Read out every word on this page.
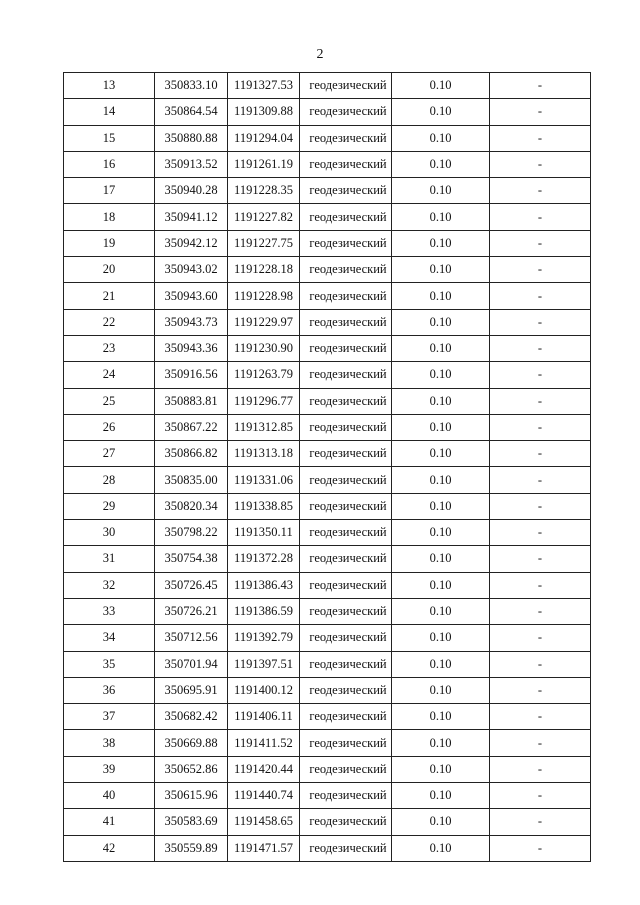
2
13	350833.10	1191327.53	геодезический	0.10	-
14	350864.54	1191309.88	геодезический	0.10	-
15	350880.88	1191294.04	геодезический	0.10	-
16	350913.52	1191261.19	геодезический	0.10	-
17	350940.28	1191228.35	геодезический	0.10	-
18	350941.12	1191227.82	геодезический	0.10	-
19	350942.12	1191227.75	геодезический	0.10	-
20	350943.02	1191228.18	геодезический	0.10	-
21	350943.60	1191228.98	геодезический	0.10	-
22	350943.73	1191229.97	геодезический	0.10	-
23	350943.36	1191230.90	геодезический	0.10	-
24	350916.56	1191263.79	геодезический	0.10	-
25	350883.81	1191296.77	геодезический	0.10	-
26	350867.22	1191312.85	геодезический	0.10	-
27	350866.82	1191313.18	геодезический	0.10	-
28	350835.00	1191331.06	геодезический	0.10	-
29	350820.34	1191338.85	геодезический	0.10	-
30	350798.22	1191350.11	геодезический	0.10	-
31	350754.38	1191372.28	геодезический	0.10	-
32	350726.45	1191386.43	геодезический	0.10	-
33	350726.21	1191386.59	геодезический	0.10	-
34	350712.56	1191392.79	геодезический	0.10	-
35	350701.94	1191397.51	геодезический	0.10	-
36	350695.91	1191400.12	геодезический	0.10	-
37	350682.42	1191406.11	геодезический	0.10	-
38	350669.88	1191411.52	геодезический	0.10	-
39	350652.86	1191420.44	геодезический	0.10	-
40	350615.96	1191440.74	геодезический	0.10	-
41	350583.69	1191458.65	геодезический	0.10	-
42	350559.89	1191471.57	геодезический	0.10	-
